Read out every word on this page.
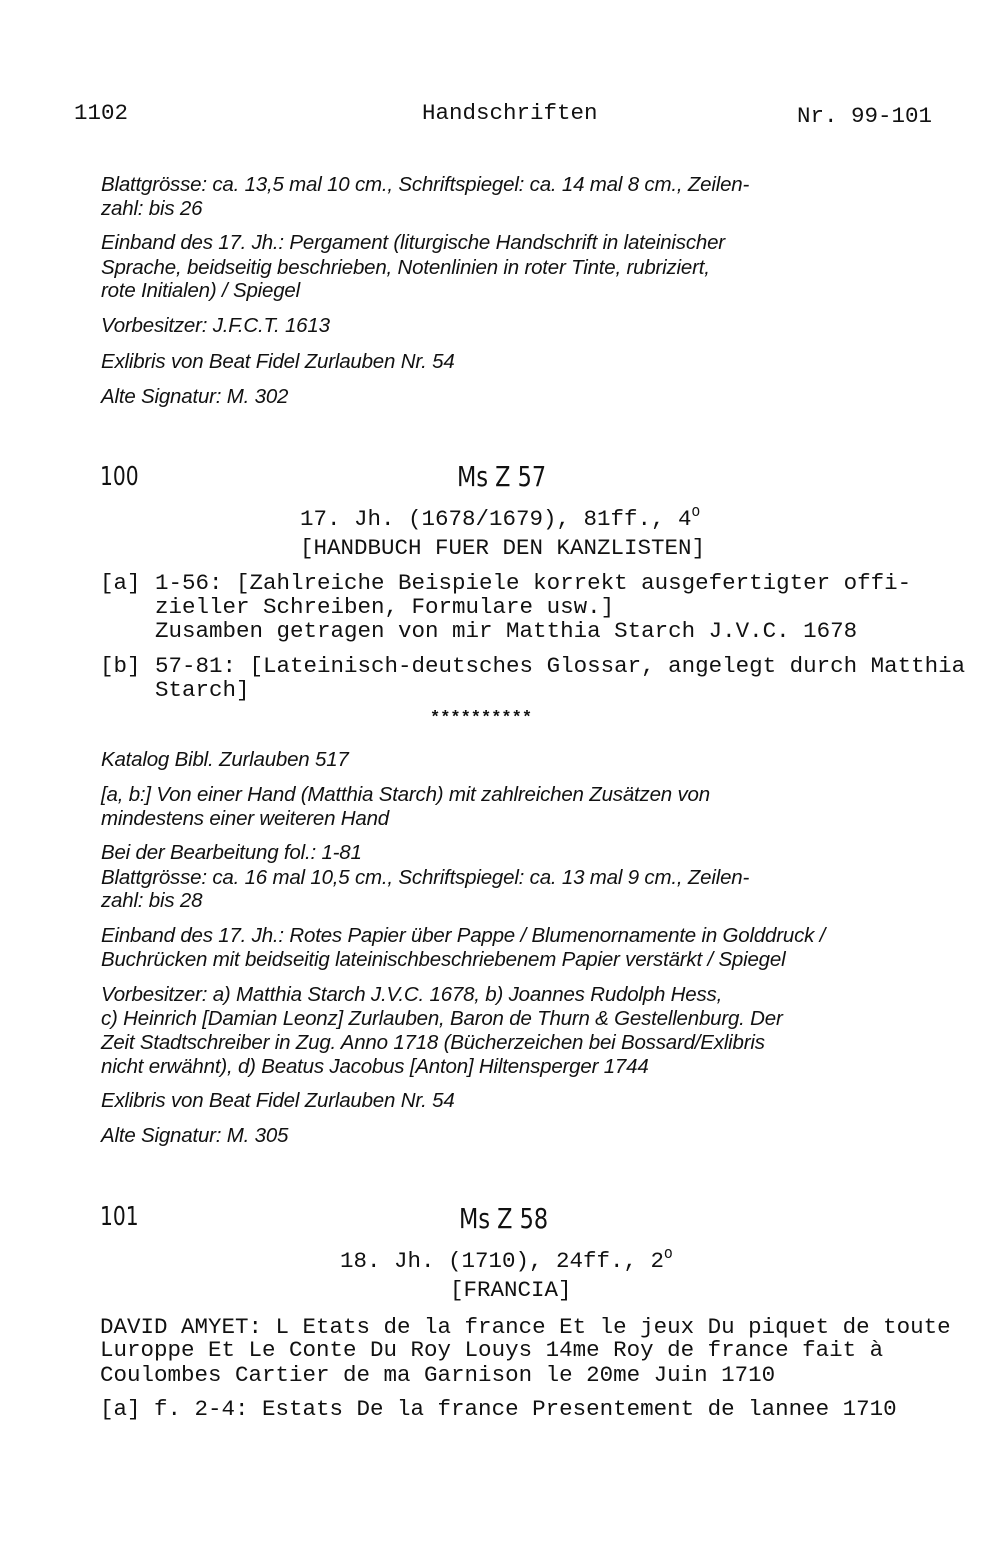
1102	Handschriften	Nr. 99-101
Blattgrösse: ca. 13,5 mal 10 cm., Schriftspiegel: ca. 14 mal 8 cm., Zeilen-
zahl: bis 26
Einband des 17. Jh.: Pergament (liturgische Handschrift in lateinischer
Sprache, beidseitig beschrieben, Notenlinien in roter Tinte, rubriziert,
rote Initialen) / Spiegel
Vorbesitzer: J.F.C.T. 1613
Exlibris von Beat Fidel Zurlauben Nr. 54
Alte Signatur: M. 302
100	Ms Z 57
17. Jh. (1678/1679), 81ff., $4^O$
[HANDBUCH FUER DEN KANZLISTEN]
[a] 1-56: [Zahlreiche Beispiele korrekt ausgefertigter offi-
zieller Schreiben, Formulare usw.]
Zusamben getragen von mir Matthia Starch J.V.C. 1678
[b] 57-81: [Lateinisch-deutsches Glossar, angelegt durch Matthia
Starch]
**********
Katalog Bibl. Zurlauben 517
[a, b:] Von einer Hand (Matthia Starch) mit zahlreichen Zusätzen von
mindestens einer weiteren Hand
Bei der Bearbeitung fol.: 1-81
Blattgrösse: ca. 16 mal 10,5 cm., Schriftspiegel: ca. 13 mal 9 cm., Zeilen-
zahl: bis 28
Einband des 17. Jh.: Rotes Papier über Pappe / Blumenornamente in Golddruck /
Buchrücken mit beidseitig lateinischbeschriebenem Papier verstärkt / Spiegel
Vorbesitzer: a) Matthia Starch J.V.C. 1678, b) Joannes Rudolph Hess,
c) Heinrich [Damian Leonz] Zurlauben, Baron de Thurn & Gestellenburg. Der
Zeit Stadtschreiber in Zug. Anno 1718 (Bücherzeichen bei Bossard/Exlibris
nicht erwähnt), d) Beatus Jacobus [Anton] Hiltensperger 1744
Exlibris von Beat Fidel Zurlauben Nr. 54
Alte Signatur: M. 305
101	Ms Z 58
18. Jh. (1710), 24ff., $2^O$
[FRANCIA]
DAVID AMYET: L Etats de la france Et le jeux Du piquet de toute
Luroppe Et Le Conte Du Roy Louys 14me Roy de france fait à
Coulombes Cartier de ma Garnison le 20me Juin 1710
[a] f. 2-4: Estats De la france Presentement de lannee 1710
